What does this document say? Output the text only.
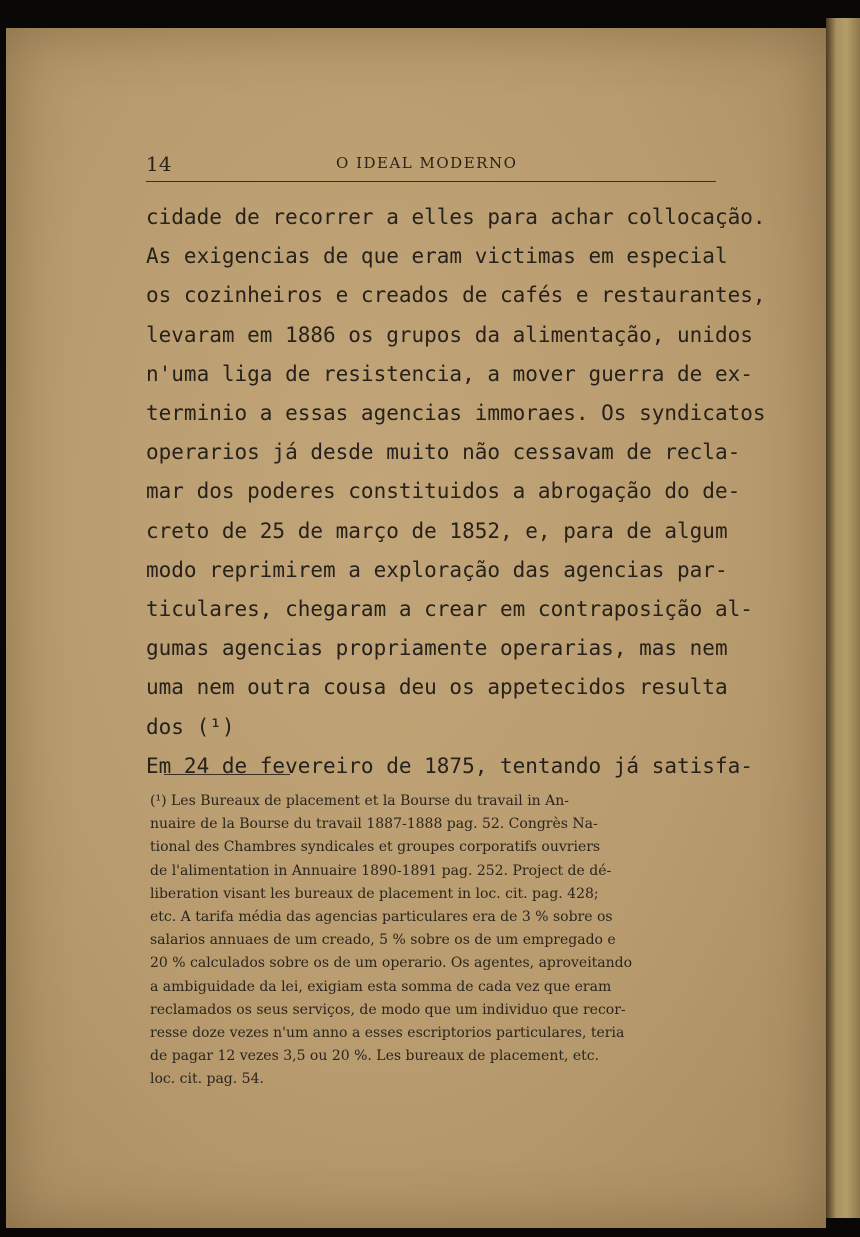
14	O IDEAL MODERNO
cidade de recorrer a elles para achar collocação.
As exigencias de que eram victimas em especial
os cozinheiros e creados de cafés e restaurantes,
levaram em 1886 os grupos da alimentação, unidos
n'uma liga de resistencia, a mover guerra de ex-
terminio a essas agencias immoraes. Os syndicatos
operarios já desde muito não cessavam de recla-
mar dos poderes constituidos a abrogação do de-
creto de 25 de março de 1852, e, para de algum
modo reprimirem a exploração das agencias par-
ticulares, chegaram a crear em contraposição al-
gumas agencias propriamente operarias, mas nem
uma nem outra cousa deu os appetecidos resulta
dos (¹)
Em 24 de fevereiro de 1875, tentando já satisfa-
(¹) Les Bureaux de placement et la Bourse du travail in An-
nuaire de la Bourse du travail 1887-1888 pag. 52. Congrès Na-
tional des Chambres syndicales et groupes corporatifs ouvriers
de l'alimentation in Annuaire 1890-1891 pag. 252. Project de dé-
liberation visant les bureaux de placement in loc. cit. pag. 428;
etc. A tarifa média das agencias particulares era de 3 % sobre os
salarios annuaes de um creado, 5 % sobre os de um empregado e
20 % calculados sobre os de um operario. Os agentes, aproveitando
a ambiguidade da lei, exigiam esta somma de cada vez que eram
reclamados os seus serviços, de modo que um individuo que recor-
resse doze vezes n'um anno a esses escriptorios particulares, teria
de pagar 12 vezes 3,5 ou 20 %. Les bureaux de placement, etc.
loc. cit. pag. 54.
